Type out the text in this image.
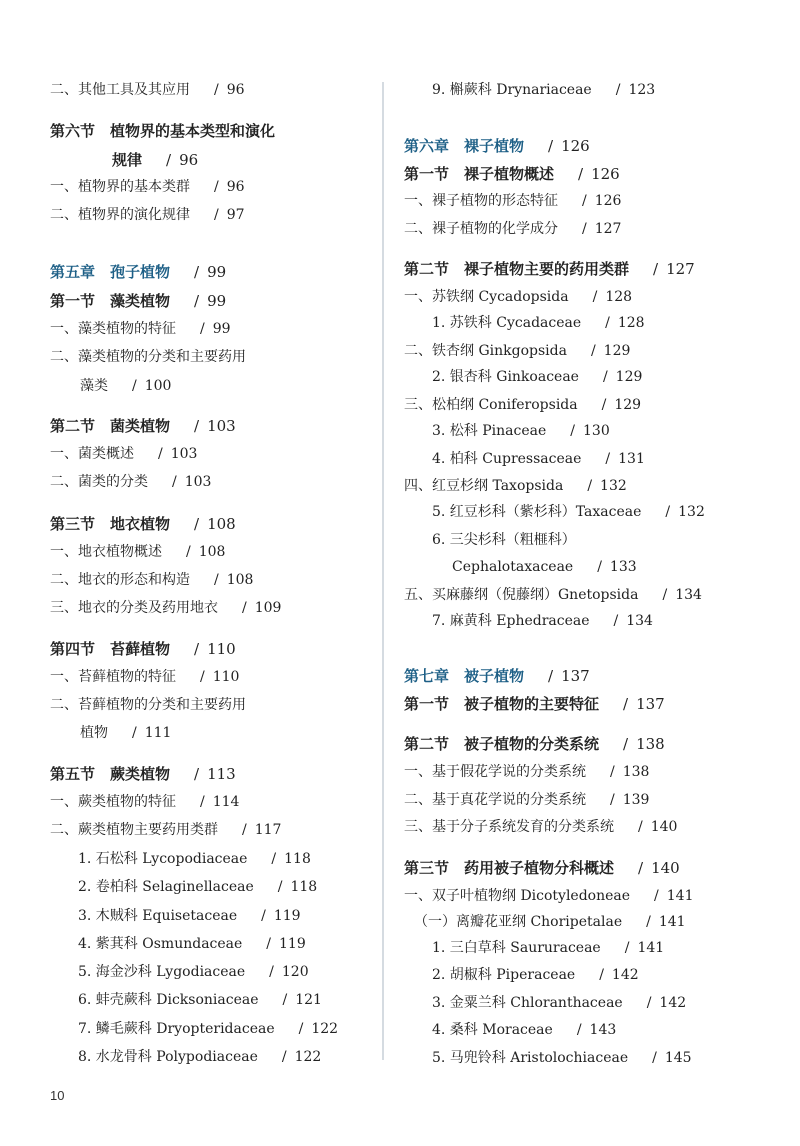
二、其他工具及其应用 / 96
第六节　植物界的基本类型和演化
规律 / 96
一、植物界的基本类群 / 96
二、植物界的演化规律 / 97
第五章　孢子植物 / 99
第一节　藻类植物 / 99
一、藻类植物的特征 / 99
二、藻类植物的分类和主要药用
藻类 / 100
第二节　菌类植物 / 103
一、菌类概述 / 103
二、菌类的分类 / 103
第三节　地衣植物 / 108
一、地衣植物概述 / 108
二、地衣的形态和构造 / 108
三、地衣的分类及药用地衣 / 109
第四节　苔藓植物 / 110
一、苔藓植物的特征 / 110
二、苔藓植物的分类和主要药用
植物 / 111
第五节　蕨类植物 / 113
一、蕨类植物的特征 / 114
二、蕨类植物主要药用类群 / 117
1. 石松科 Lycopodiaceae / 118
2. 卷柏科 Selaginellaceae / 118
3. 木贼科 Equisetaceae / 119
4. 紫萁科 Osmundaceae / 119
5. 海金沙科 Lygodiaceae / 120
6. 蚌壳蕨科 Dicksoniaceae / 121
7. 鳞毛蕨科 Dryopteridaceae / 122
8. 水龙骨科 Polypodiaceae / 122
9. 槲蕨科 Drynariaceae / 123
第六章　裸子植物 / 126
第一节　裸子植物概述 / 126
一、裸子植物的形态特征 / 126
二、裸子植物的化学成分 / 127
第二节　裸子植物主要的药用类群 / 127
一、苏铁纲 Cycadopsida / 128
1. 苏铁科 Cycadaceae / 128
二、铁杏纲 Ginkgopsida / 129
2. 银杏科 Ginkoaceae / 129
三、松柏纲 Coniferopsida / 129
3. 松科 Pinaceae / 130
4. 柏科 Cupressaceae / 131
四、红豆杉纲 Taxopsida / 132
5. 红豆杉科（紫杉科）Taxaceae / 132
6. 三尖杉科（粗榧科）
Cephalotaxaceae / 133
五、买麻藤纲（倪藤纲）Gnetopsida / 134
7. 麻黄科 Ephedraceae / 134
第七章　被子植物 / 137
第一节　被子植物的主要特征 / 137
第二节　被子植物的分类系统 / 138
一、基于假花学说的分类系统 / 138
二、基于真花学说的分类系统 / 139
三、基于分子系统发育的分类系统 / 140
第三节　药用被子植物分科概述 / 140
一、双子叶植物纲 Dicotyledoneae / 141
（一）离瓣花亚纲 Choripetalae / 141
1. 三白草科 Saururaceae / 141
2. 胡椒科 Piperaceae / 142
3. 金粟兰科 Chloranthaceae / 142
4. 桑科 Moraceae / 143
5. 马兜铃科 Aristolochiaceae / 145
10
